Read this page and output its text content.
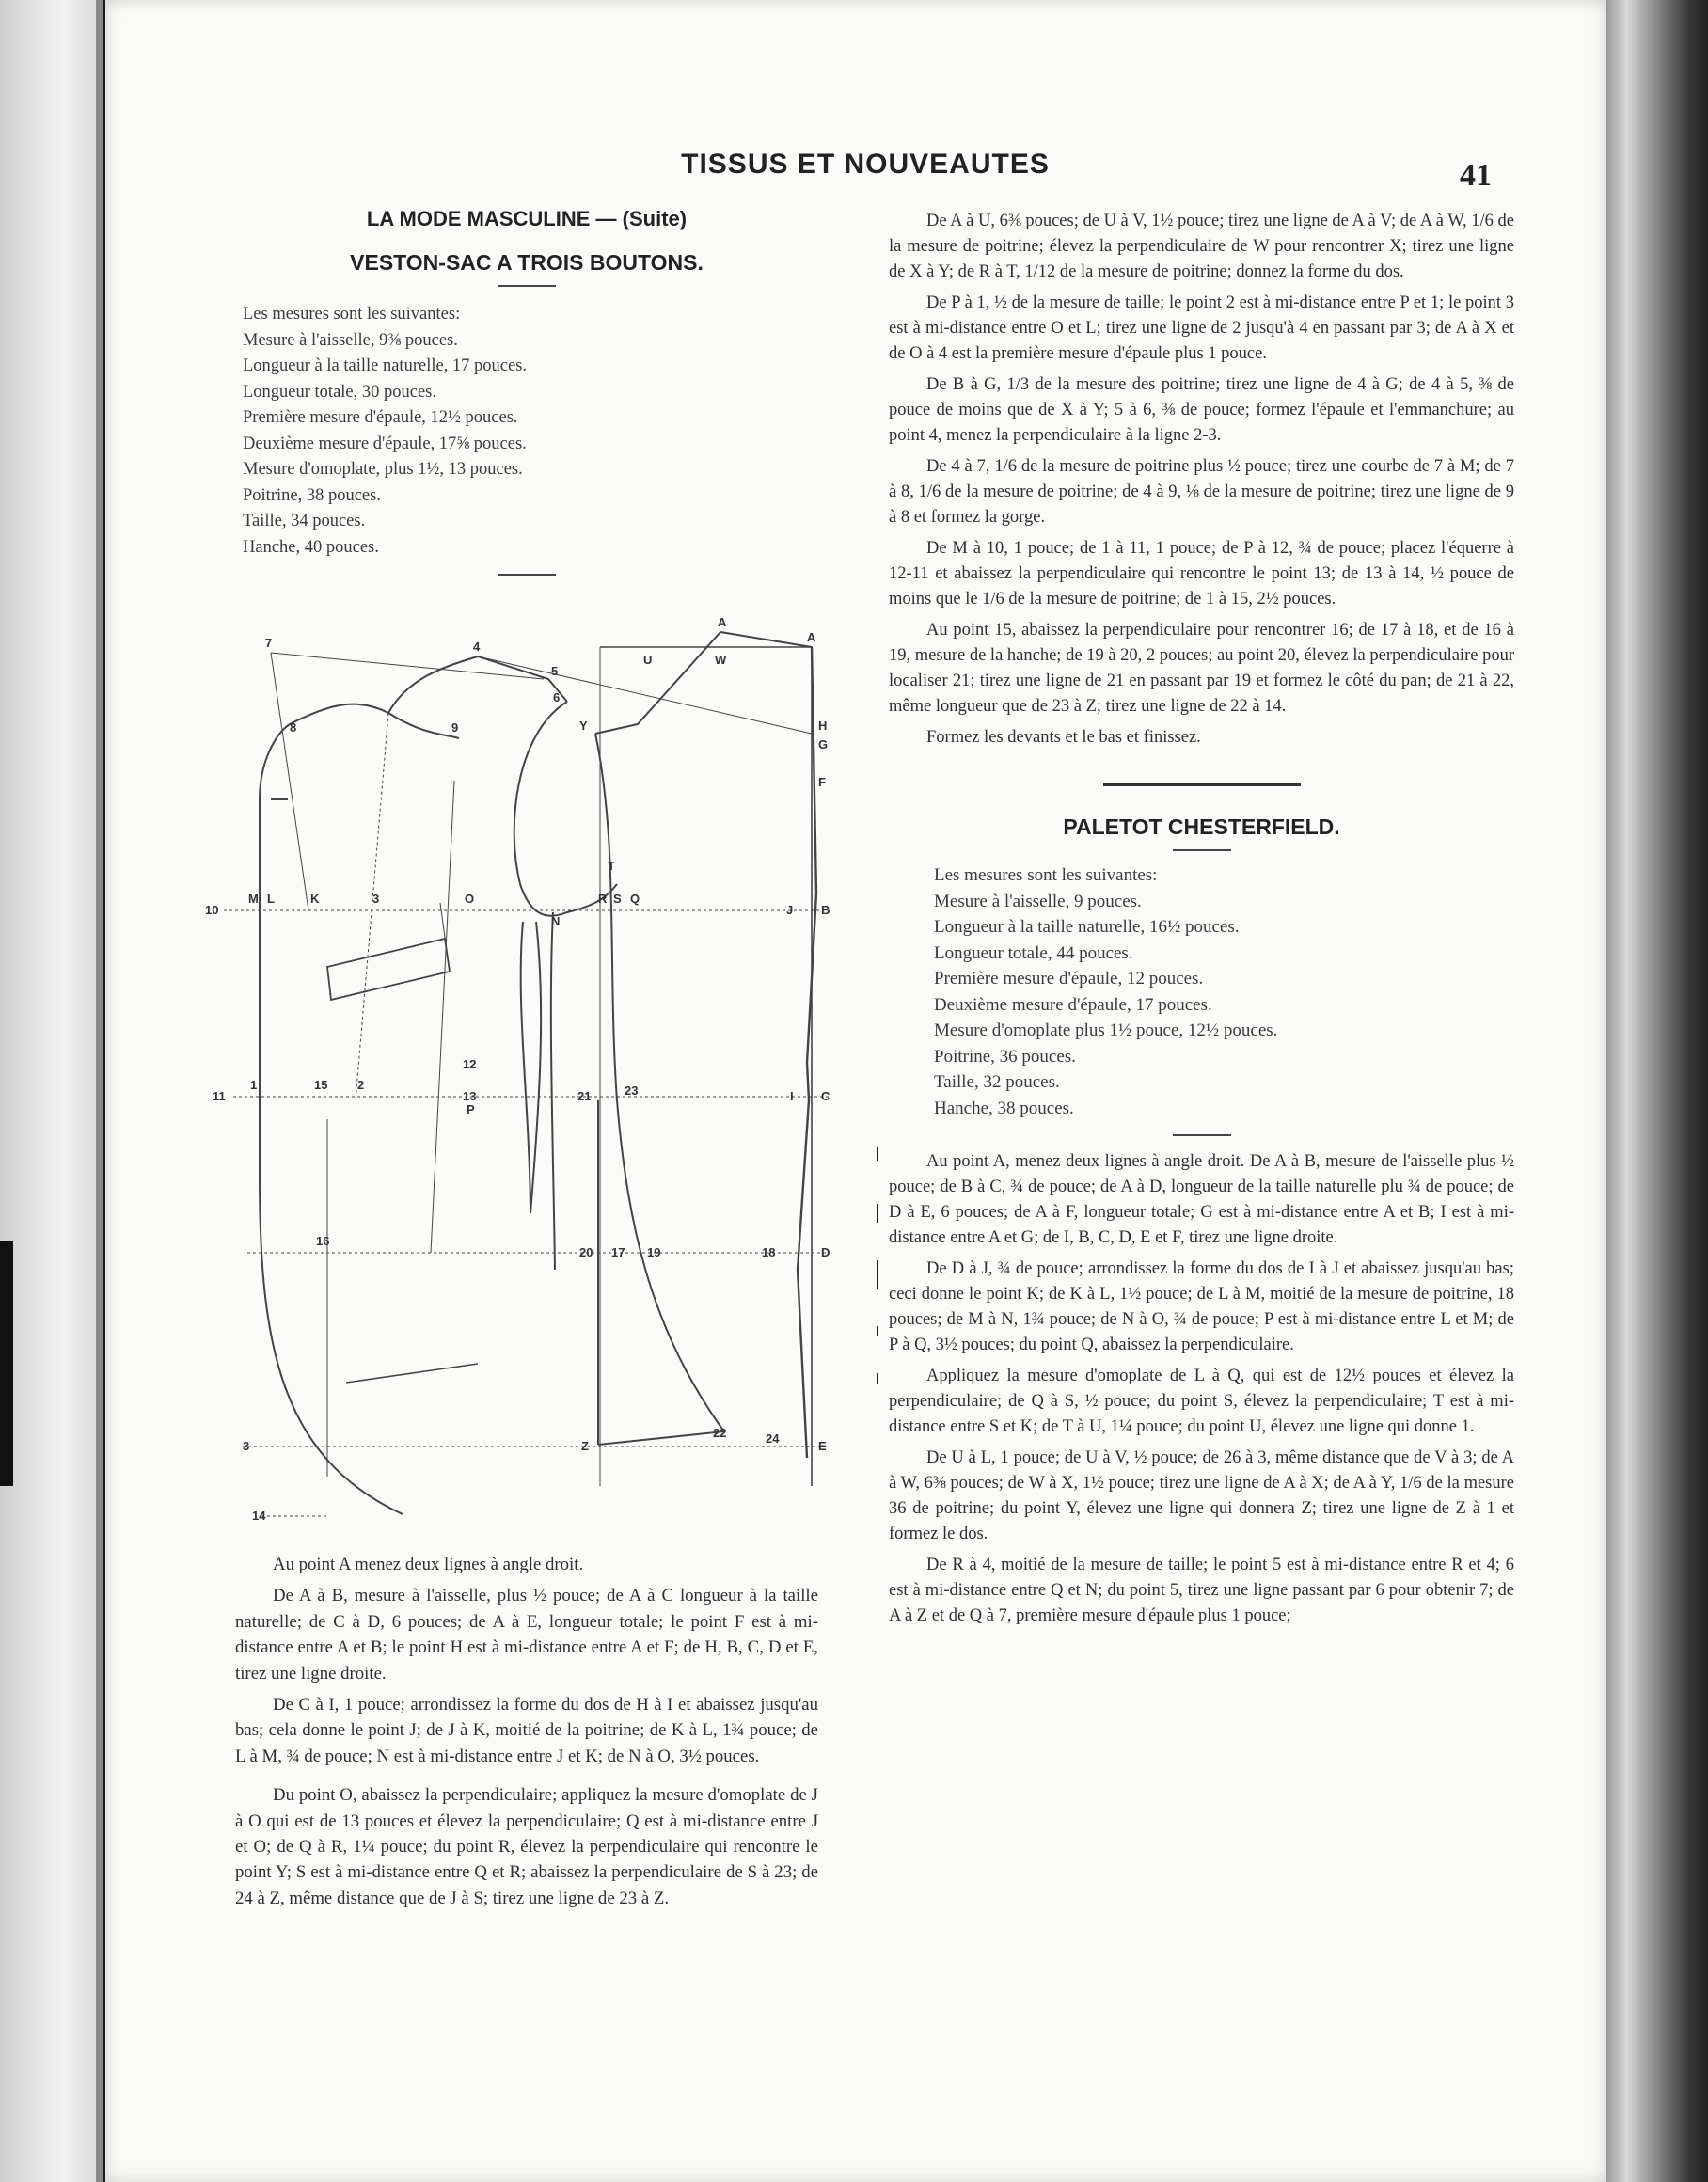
TISSUS ET NOUVEAUTES	41
LA MODE MASCULINE — (Suite)
VESTON-SAC A TROIS BOUTONS.
Les mesures sont les suivantes:
Mesure à l'aisselle, 9⅜ pouces.
Longueur à la taille naturelle, 17 pouces.
Longueur totale, 30 pouces.
Première mesure d'épaule, 12½ pouces.
Deuxième mesure d'épaule, 17⅝ pouces.
Mesure d'omoplate, plus 1½, 13 pouces.
Poitrine, 38 pouces.
Taille, 34 pouces.
Hanche, 40 pouces.
7	4
8	9
5
6
A
A
U	W
Y	H
G
F
T
10
M L	K	3	O	R S Q
N
J B
11
1	15 2
12
13
P
21	23	I C
16
20 17 19	18	D
3	Z
22	24
E
14

Au point A menez deux lignes à angle droit.

De A à B, mesure à l'aisselle, plus ½ pouce; de A à C longueur à la taille naturelle; de C à D, 6 pouces; de A à E, longueur totale; le point F est à mi-distance entre A et B; le point H est à mi-distance entre A et F; de H, B, C, D et E, tirez une ligne droite.

De C à I, 1 pouce; arrondissez la forme du dos de H à I et abaissez jusqu'au bas; cela donne le point J; de J à K, moitié de la poitrine; de K à L, 1¾ pouce; de L à M, ¾ de pouce; N est à mi-distance entre J et K; de N à O, 3½ pouces.

Du point O, abaissez la perpendiculaire; appliquez la mesure d'omoplate de J à O qui est de 13 pouces et élevez la perpendiculaire; Q est à mi-distance entre J et O; de Q à R, 1¼ pouce; du point R, élevez la perpendiculaire qui rencontre le point Y; S est à mi-distance entre Q et R; abaissez la perpendiculaire de S à 23; de 24 à Z, même distance que de J à S; tirez une ligne de 23 à Z.

De A à U, 6⅜ pouces; de U à V, 1½ pouce; tirez une ligne de A à V; de A à W, 1/6 de la mesure de poitrine; élevez la perpendiculaire de W pour rencontrer X; tirez une ligne de X à Y; de R à T, 1/12 de la mesure de poitrine; donnez la forme du dos.

De P à 1, ½ de la mesure de taille; le point 2 est à mi-distance entre P et 1; le point 3 est à mi-distance entre O et L; tirez une ligne de 2 jusqu'à 4 en passant par 3; de A à X et de O à 4 est la première mesure d'épaule plus 1 pouce.

De B à G, 1/3 de la mesure des poitrine; tirez une ligne de 4 à G; de 4 à 5, ⅜ de pouce de moins que de X à Y; 5 à 6, ⅜ de pouce; formez l'épaule et l'emmanchure; au point 4, menez la perpendiculaire à la ligne 2-3.

De 4 à 7, 1/6 de la mesure de poitrine plus ½ pouce; tirez une courbe de 7 à M; de 7 à 8, 1/6 de la mesure de poitrine; de 4 à 9, ⅛ de la mesure de poitrine; tirez une ligne de 9 à 8 et formez la gorge.

De M à 10, 1 pouce; de 1 à 11, 1 pouce; de P à 12, ¾ de pouce; placez l'équerre à 12-11 et abaissez la perpendiculaire qui rencontre le point 13; de 13 à 14, ½ pouce de moins que le 1/6 de la mesure de poitrine; de 1 à 15, 2½ pouces.

Au point 15, abaissez la perpendiculaire pour rencontrer 16; de 17 à 18, et de 16 à 19, mesure de la hanche; de 19 à 20, 2 pouces; au point 20, élevez la perpendiculaire pour localiser 21; tirez une ligne de 21 en passant par 19 et formez le côté du pan; de 21 à 22, même longueur que de 23 à Z; tirez une ligne de 22 à 14.

Formez les devants et le bas et finissez.

PALETOT CHESTERFIELD.
Les mesures sont les suivantes:
Mesure à l'aisselle, 9 pouces.
Longueur à la taille naturelle, 16½ pouces.
Longueur totale, 44 pouces.
Première mesure d'épaule, 12 pouces.
Deuxième mesure d'épaule, 17 pouces.
Mesure d'omoplate plus 1½ pouce, 12½ pouces.
Poitrine, 36 pouces.
Taille, 32 pouces.
Hanche, 38 pouces.

Au point A, menez deux lignes à angle droit. De A à B, mesure de l'aisselle plus ½ pouce; de B à C, ¾ de pouce; de A à D, longueur de la taille naturelle plu ¾ de pouce; de D à E, 6 pouces; de A à F, longueur totale; G est à mi-distance entre A et B; I est à mi-distance entre A et G; de I, B, C, D, E et F, tirez une ligne droite.

De D à J, ¾ de pouce; arrondissez la forme du dos de I à J et abaissez jusqu'au bas; ceci donne le point K; de K à L, 1½ pouce; de L à M, moitié de la mesure de poitrine, 18 pouces; de M à N, 1¾ pouce; de N à O, ¾ de pouce; P est à mi-distance entre L et M; de P à Q, 3½ pouces; du point Q, abaissez la perpendiculaire.

Appliquez la mesure d'omoplate de L à Q, qui est de 12½ pouces et élevez la perpendiculaire; de Q à S, ½ pouce; du point S, élevez la perpendiculaire; T est à mi-distance entre S et K; de T à U, 1¼ pouce; du point U, élevez une ligne qui donne 1.

De U à L, 1 pouce; de U à V, ½ pouce; de 26 à 3, même distance que de V à 3; de A à W, 6⅜ pouces; de W à X, 1½ pouce; tirez une ligne de A à X; de A à Y, 1/6 de la mesure 36 de poitrine; du point Y, élevez une ligne qui donnera Z; tirez une ligne de Z à 1 et formez le dos.

De R à 4, moitié de la mesure de taille; le point 5 est à mi-distance entre R et 4; 6 est à mi-distance entre Q et N; du point 5, tirez une ligne passant par 6 pour obtenir 7; de A à Z et de Q à 7, première mesure d'épaule plus 1 pouce;
